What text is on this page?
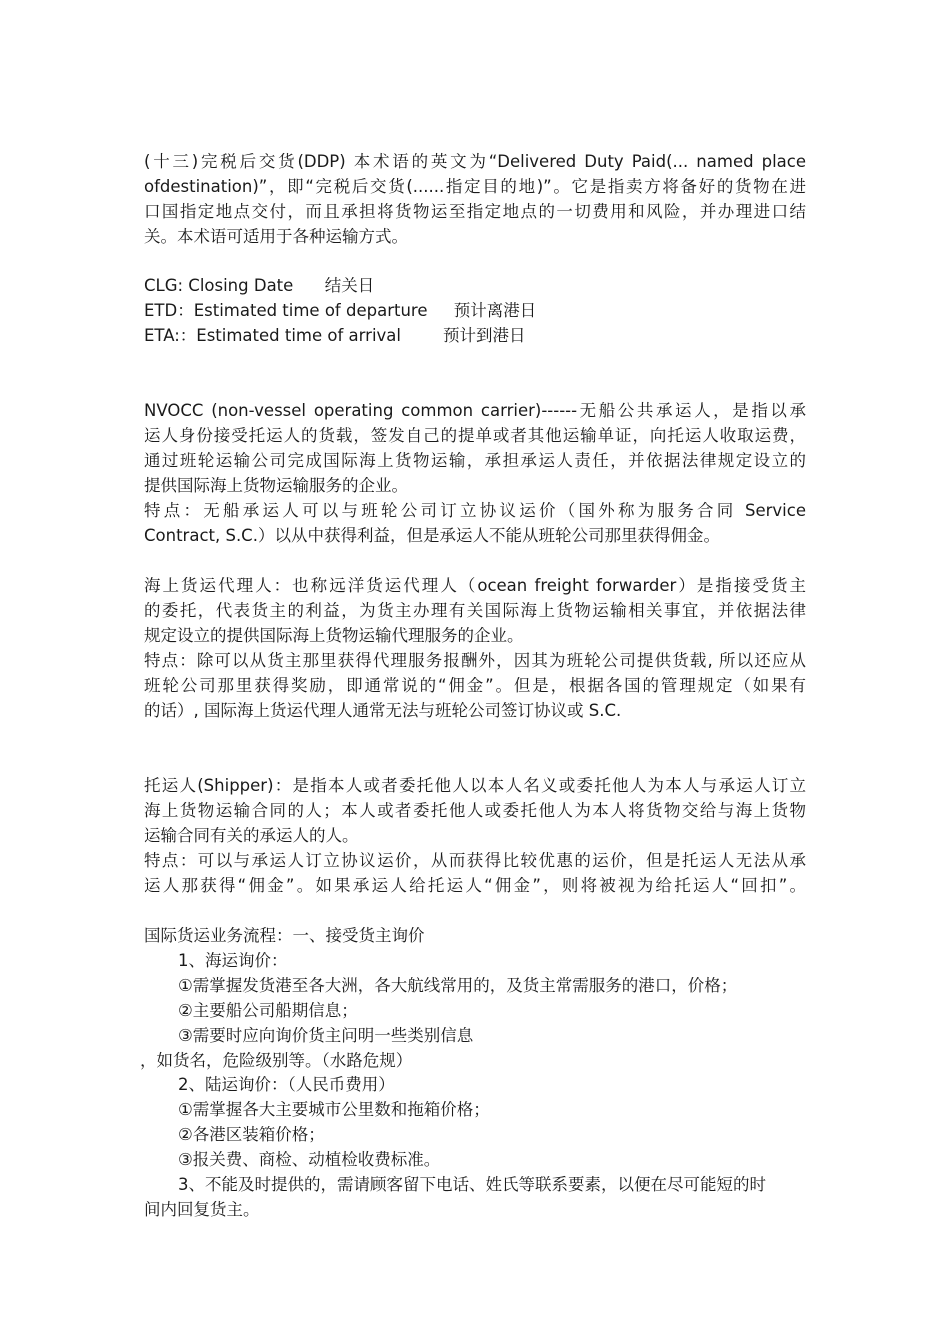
(十三)完税后交货(DDP) 本术语的英文为“Delivered Duty Paid(... named place
ofdestination)”，即“完税后交货(......指定目的地)”。它是指卖方将备好的货物在进
口国指定地点交付，而且承担将货物运至指定地点的一切费用和风险，并办理进口结
关。本术语可适用于各种运输方式。
CLG: Closing Date      结关日
ETD：Estimated time of departure     预计离港日
ETA:：Estimated time of arrival        预计到港日
NVOCC (non-vessel operating common carrier)------无船公共承运人，是指以承
运人身份接受托运人的货载，签发自己的提单或者其他运输单证，向托运人收取运费，
通过班轮运输公司完成国际海上货物运输，承担承运人责任，并依据法律规定设立的
提供国际海上货物运输服务的企业。
特点：无船承运人可以与班轮公司订立协议运价（国外称为服务合同 Service
Contract, S.C.）以从中获得利益，但是承运人不能从班轮公司那里获得佣金。
海上货运代理人：也称远洋货运代理人（ocean freight forwarder）是指接受货主
的委托，代表货主的利益，为货主办理有关国际海上货物运输相关事宜，并依据法律
规定设立的提供国际海上货物运输代理服务的企业。
特点：除可以从货主那里获得代理服务报酬外，因其为班轮公司提供货载, 所以还应从
班轮公司那里获得奖励，即通常说的“佣金”。但是，根据各国的管理规定（如果有
的话）, 国际海上货运代理人通常无法与班轮公司签订协议或 S.C.
托运人(Shipper)：是指本人或者委托他人以本人名义或委托他人为本人与承运人订立
海上货物运输合同的人；本人或者委托他人或委托他人为本人将货物交给与海上货物
运输合同有关的承运人的人。
特点：可以与承运人订立协议运价，从而获得比较优惠的运价，但是托运人无法从承
运人那获得“佣金”。如果承运人给托运人“佣金”，则将被视为给托运人“回扣”。
国际货运业务流程：一、接受货主询价
1、海运询价：
①需掌握发货港至各大洲，各大航线常用的，及货主常需服务的港口，价格；
②主要船公司船期信息；
③需要时应向询价货主问明一些类别信息
，如货名，危险级别等。（水路危规）
2、陆运询价：（人民币费用）
①需掌握各大主要城市公里数和拖箱价格；
②各港区装箱价格；
③报关费、商检、动植检收费标准。
3、不能及时提供的，需请顾客留下电话、姓氏等联系要素，以便在尽可能短的时
间内回复货主。
